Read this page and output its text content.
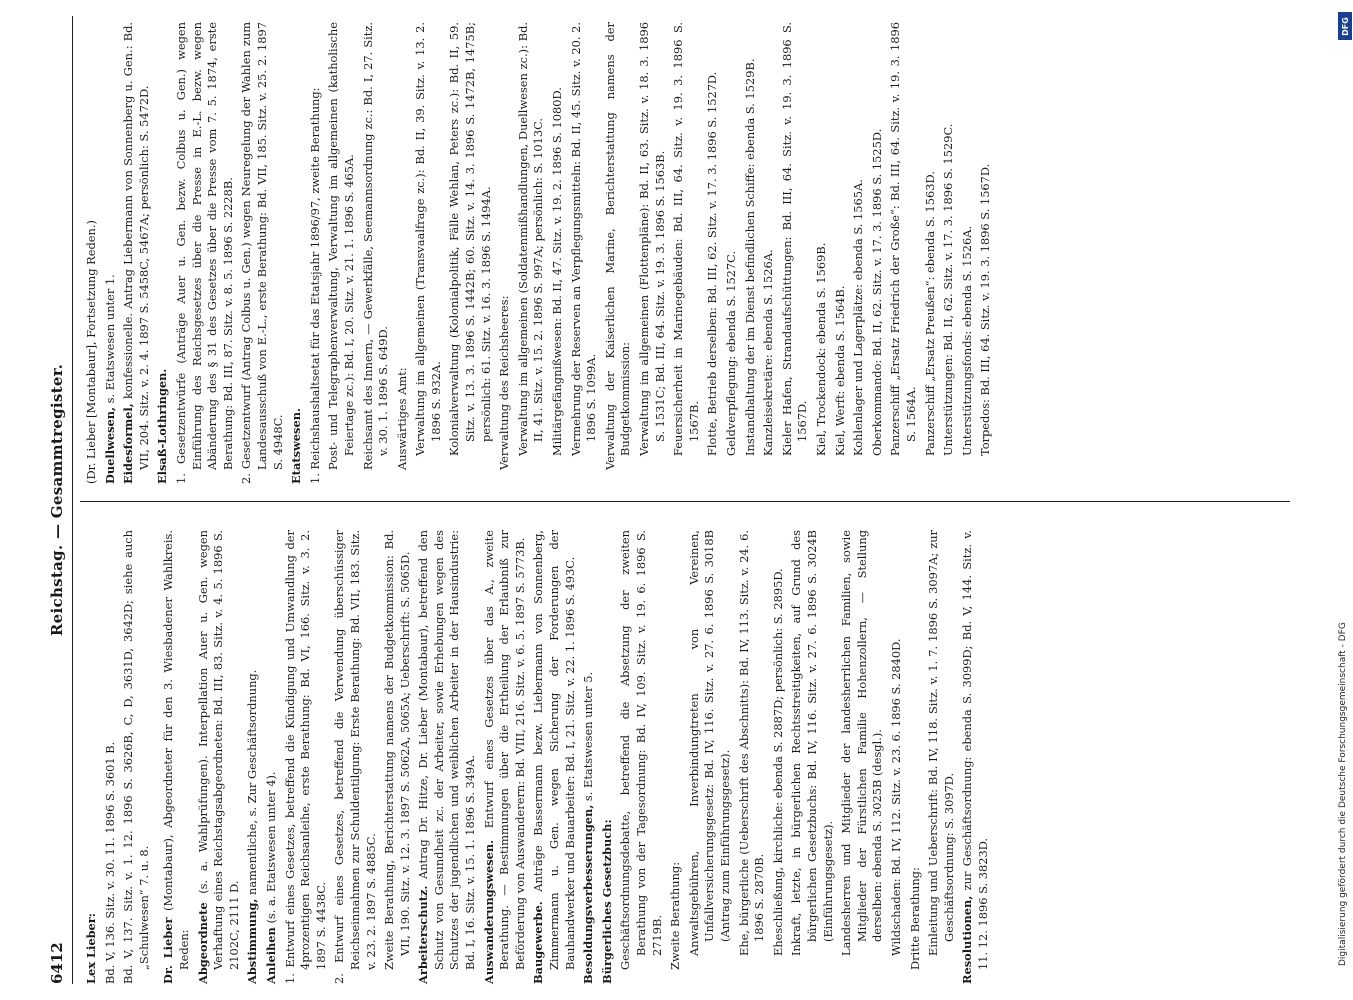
6412
Reichstag. — Gesammtregister.
Lex Lieber: Bd. V, 136. Sitz. v. 30. 11. 1896 S. 3601 B. Bd. V, 137. Sitz. v. 1. 12. 1896 S. 3626B, C, D, 3631D, 3642D; siehe auch „Schulwesen“ 7. u. 8. Dr. Lieber (Montabaur), Abgeordneter für den 3. Wiesbadener Wahlkreis. Reden: Abgeordnete (s. a. Wahlprüfungen). Interpellation Auer u. Gen. wegen Verhaftung eines Reichstagsabgeordneten: Bd. III, 83. Sitz. v. 4. 5. 1896 S. 2102C, 2111 D. Abstimmung, namentliche, s. Zur Geschäftsordnung.
Anleihen (s. a. Etatswesen unter 4). 1. Entwurf eines Gesetzes, betreffend die Kündigung und Umwandlung der 4prozentigen Reichsanleihe, erste Berathung: Bd. VI, 166. Sitz. v. 3. 2. 1897 S. 4438C. 2. Entwurf eines Gesetzes, betreffend die Verwendung überschüssiger Reichseinnahmen zur Schuldentilgung: Erste Berathung: Bd. VII, 183. Sitz. v. 23. 2. 1897 S. 4885C. Zweite Berathung, Berichterstattung namens der Budgetkommission: Bd. VII, 190. Sitz. v. 12. 3. 1897 S. 5062A, 5065A; Ueberschrift: S. 5065D. Arbeiterschutz. Antrag Dr. Hitze, Dr. Lieber (Montabaur), betreffend den Schutz von Gesundheit zc. der Arbeiter, sowie Erhebungen wegen des Schutzes der jugendlichen und weiblichen Arbeiter in der Hausindustrie: Bd. I, 16. Sitz. v. 15. 1. 1896 S. 349A. Auswanderungswesen. Entwurf eines Gesetzes über das A., zweite Berathung. — Bestimmungen über die Ertheilung der Erlaubniß zur Beförderung von Auswanderern: Bd. VIII, 216. Sitz. v. 6. 5. 1897 S. 5773B. Baugewerbe. Anträge Bassermann bezw. Liebermann von Sonnenberg, Zimmermann u. Gen. wegen Sicherung der Forderungen der Bauhandwerker und Bauarbeiter: Bd. I, 21. Sitz. v. 22. 1. 1896 S. 493C. Besoldungsverbesserungen, s. Etatswesen unter 5.
Bürgerliches Gesetzbuch: Geschäftsordnungsdebatte, betreffend die Absetzung der zweiten Berathung von der Tagesordnung: Bd. IV, 109. Sitz. v. 19. 6. 1896 S. 2719B. Zweite Berathung: Anwaltsgebühren, Inverbindungtreten von Vereinen, Unfallversicherungsgesetz: Bd. IV, 116. Sitz. v. 27. 6. 1896 S. 3018B (Antrag zum Einführungsgesetz). Ehe, bürgerliche (Ueberschrift des Abschnitts): Bd. IV, 113. Sitz. v. 24. 6. 1896 S. 2870B. Eheschließung, kirchliche: ebenda S. 2887D; persönlich: S. 2895D. Inkraft, letzte, in bürgerlichen Rechtsstreitigkeiten, auf Grund des bürgerlichen Gesetzbuchs: Bd. IV, 116. Sitz. v. 27. 6. 1896 S. 3024B (Einführungsgesetz). Landesherren und Mitglieder der landesherrlichen Familien, sowie Mitglieder der Fürstlichen Familie Hohenzollern, — Stellung derselben: ebenda S. 3025B (desgl.). Wildschaden: Bd. IV, 112. Sitz. v. 23. 6. 1896 S. 2840D. Dritte Berathung: Einleitung und Ueberschrift: Bd. IV, 118. Sitz. v. 1. 7. 1896 S. 3097A; zur Geschäftsordnung: S. 3097D. Resolutionen, zur Geschäftsordnung: ebenda S. 3099D; Bd. V, 144. Sitz. v. 11. 12. 1896 S. 3823D.
(Dr. Lieber [Montabaur], Fortsetzung Reden.) Duellwesen, s. Etatswesen unter 1.
Eidesformel, konfessionelle. Antrag Liebermann von Sonnenberg u. Gen.: Bd. VII, 204. Sitz. v. 2. 4. 1897 S. 5458C, 5467A; persönlich: S. 5472D. Elsaß-Lothringen. 1. Gesetzentwürfe (Anträge Auer u. Gen. bezw. Colbus u. Gen.) wegen Einführung des Reichsgesetzes über die Presse in E.-L. bezw. wegen Abänderung des § 31 des Gesetzes über die Presse vom 7. 5. 1874, erste Berathung: Bd. III, 87. Sitz. v. 8. 5. 1896 S. 2228B. 2. Gesetzentwurf (Antrag Colbus u. Gen.) wegen Neuregelung der Wahlen zum Landesausschuß von E.-L., erste Berathung: Bd. VII, 185. Sitz. v. 25. 2. 1897 S. 4948C. Etatswesen. 1. Reichshaushaltsetat für das Etatsjahr 1896/97, zweite Berathung: Post- und Telegraphenverwaltung, Verwaltung im allgemeinen (katholische Feiertage zc.): Bd. I, 20. Sitz. v. 21. 1. 1896 S. 465A. Reichsamt des Innern, — Gewerkfälle, Seemannsordnung zc.: Bd. I, 27. Sitz. v. 30. 1. 1896 S. 649D. Auswärtiges Amt: Verwaltung im allgemeinen (Transvaalfrage zc.): Bd. II, 39. Sitz. v. 13. 2. 1896 S. 932A. Kolonialverwaltung (Kolonialpolitik, Fälle Wehlan, Peters zc.): Bd. II, 59. Sitz. v. 13. 3. 1896 S. 1442B; 60. Sitz. v. 14. 3. 1896 S. 1472B, 1475B; persönlich: 61. Sitz. v. 16. 3. 1896 S. 1494A. Verwaltung des Reichsheeres: Verwaltung im allgemeinen (Soldatenmißhandlungen, Duellwesen zc.): Bd. II, 41. Sitz. v. 15. 2. 1896 S. 997A; persönlich: S. 1013C. Militärgefängnißwesen: Bd. II, 47. Sitz. v. 19. 2. 1896 S. 1080D. Vermehrung der Reserven an Verpflegungsmitteln: Bd. II, 45. Sitz. v. 20. 2. 1896 S. 1099A. Verwaltung der Kaiserlichen Marine, Berichterstattung namens der Budgetkommission: Verwaltung im allgemeinen (Flottenpläne): Bd. II, 63. Sitz. v. 18. 3. 1896 S. 1531C; Bd. III, 64. Sitz. v. 19. 3. 1896 S. 1563B. Feuersicherheit in Marinegebäuden: Bd. III, 64. Sitz. v. 19. 3. 1896 S. 1567B. Flotte, Betrieb derselben: Bd. III, 62. Sitz. v. 17. 3. 1896 S. 1527D. Geldverpflegung: ebenda S. 1527C. Instandhaltung der im Dienst befindlichen Schiffe: ebenda S. 1529B. Kanzleisekretäre: ebenda S. 1526A. Kieler Hafen, Strandaufschüttungen: Bd. III, 64. Sitz. v. 19. 3. 1896 S. 1567D. Kiel, Trockendock: ebenda S. 1569B. Kiel, Werft: ebenda S. 1564B. Kohlenlager und Lagerplätze: ebenda S. 1565A. Oberkommando: Bd. II, 62. Sitz. v. 17. 3. 1896 S. 1525D. Panzerschiff „Ersatz Friedrich der Große“: Bd. III, 64. Sitz. v. 19. 3. 1896 S. 1564A. Panzerschiff „Ersatz Preußen“: ebenda S. 1563D. Unterstützungen: Bd. II, 62. Sitz. v. 17. 3. 1896 S. 1529C. Unterstützungsfonds: ebenda S. 1526A. Torpedos: Bd. III, 64. Sitz. v. 19. 3. 1896 S. 1567D.
DFG
Digitalisierung gefördert durch die Deutsche Forschungsgemeinschaft - DFG
